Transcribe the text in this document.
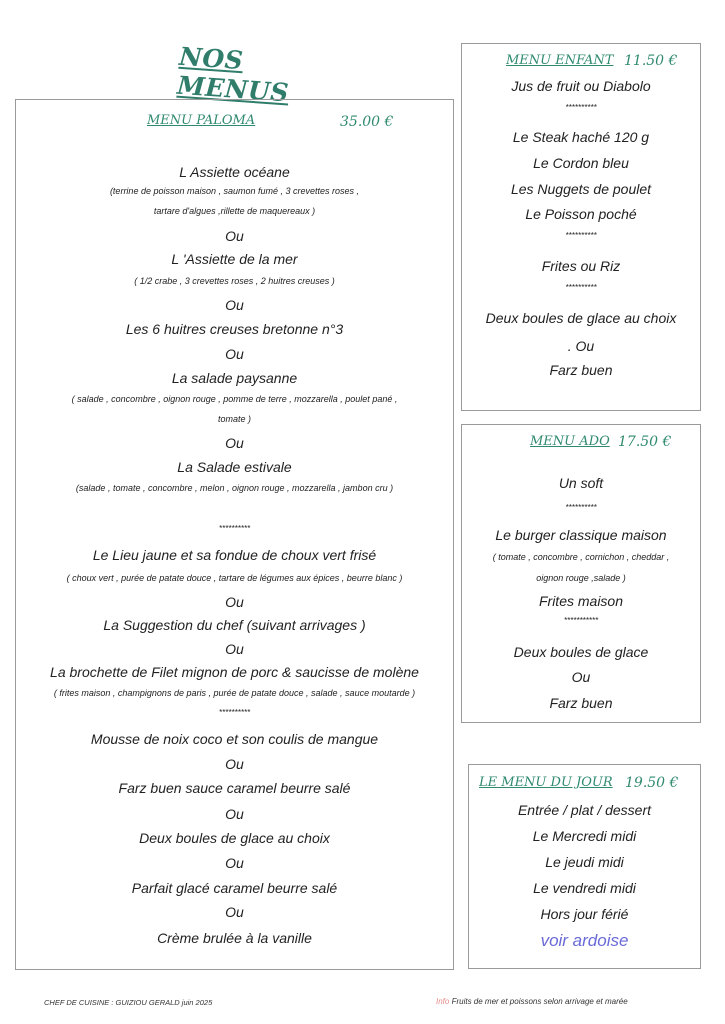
NOS MENUS
MENU PALOMA	35.00 €
L Assiette océane
(terrine de poisson maison , saumon fumé , 3 crevettes roses ,
tartare d'algues ,rillette de maquereaux )
Ou
L 'Assiette de la mer
( 1/2 crabe , 3 crevettes roses , 2 huitres creuses )
Ou
Les 6 huitres creuses bretonne n°3
Ou
La salade paysanne
( salade , concombre , oignon rouge , pomme de terre , mozzarella , poulet pané ,
tomate )
Ou
La Salade estivale
(salade , tomate , concombre , melon , oignon rouge , mozzarella , jambon cru )
**********
Le Lieu jaune et sa fondue de choux vert frisé
( choux vert , purée de patate douce , tartare de légumes aux épices , beurre blanc )
Ou
La Suggestion du chef (suivant arrivages )
Ou
La brochette de Filet mignon de porc & saucisse de molène
( frites maison , champignons de paris , purée de patate douce , salade , sauce moutarde )
**********
Mousse de noix coco et son coulis de mangue
Ou
Farz buen sauce caramel beurre salé
Ou
Deux boules de glace au choix
Ou
Parfait glacé caramel beurre salé
Ou
Crème brulée à la vanille
MENU ENFANT 11.50 €
Jus de fruit ou Diabolo
**********
Le Steak haché 120 g
Le Cordon bleu
Les Nuggets de poulet
Le Poisson poché
**********
Frites ou Riz
**********
Deux boules de glace au choix
. Ou
Farz buen
MENU ADO 17.50 €
Un soft
**********
Le burger classique maison
( tomate , concombre , cornichon , cheddar ,
oignon rouge ,salade )
Frites maison
***********
Deux boules de glace
Ou
Farz buen
LE MENU DU JOUR 19.50 €
Entrée / plat / dessert
Le Mercredi midi
Le jeudi midi
Le vendredi midi
Hors jour férié
voir ardoise
CHEF DE CUISINE : GUIZIOU GERALD juin 2025	Info Fruits de mer et poissons selon arrivage et marée
